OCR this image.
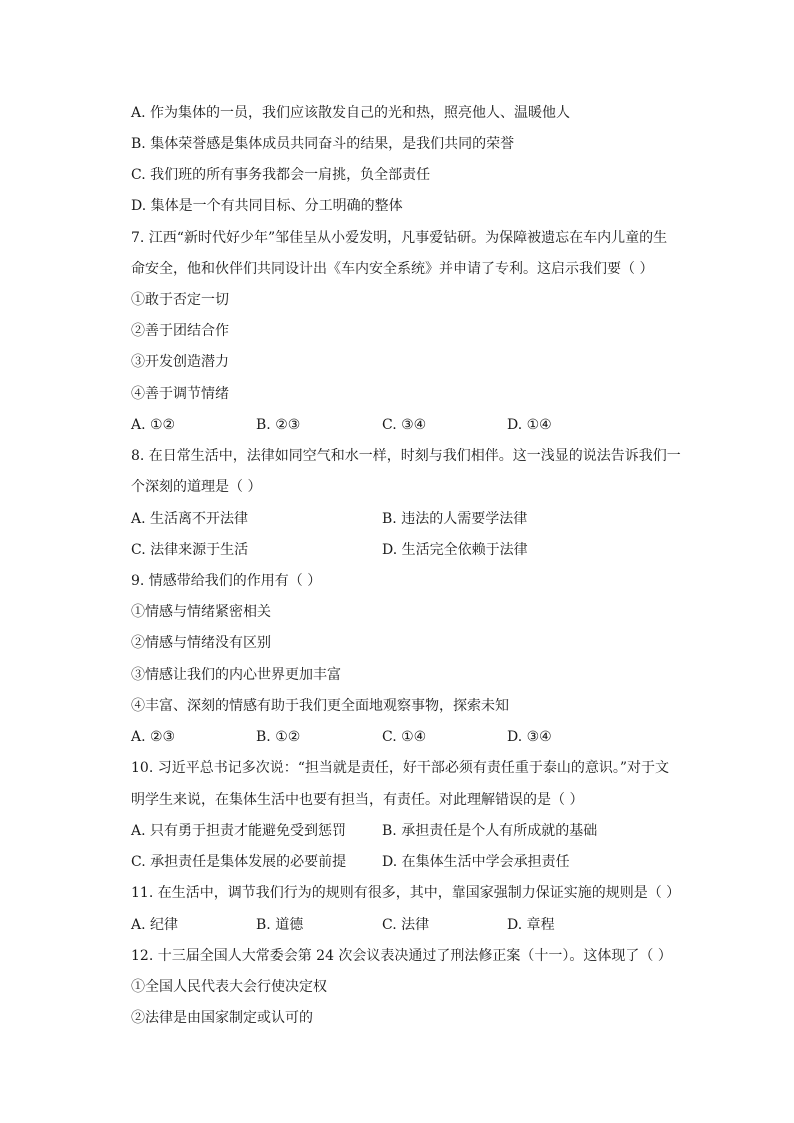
A. 作为集体的一员，我们应该散发自己的光和热，照亮他人、温暖他人
B. 集体荣誉感是集体成员共同奋斗的结果，是我们共同的荣誉
C. 我们班的所有事务我都会一肩挑，负全部责任
D. 集体是一个有共同目标、分工明确的整体
7. 江西“新时代好少年”邹佳呈从小爱发明，凡事爱钻研。为保障被遗忘在车内儿童的生
命安全，他和伙伴们共同设计出《车内安全系统》并申请了专利。这启示我们要（ ）
①敢于否定一切
②善于团结合作
③开发创造潜力
④善于调节情绪
A. ①②	B. ②③	C. ③④	D. ①④
8. 在日常生活中，法律如同空气和水一样，时刻与我们相伴。这一浅显的说法告诉我们一
个深刻的道理是（ ）
A. 生活离不开法律	B. 违法的人需要学法律
C. 法律来源于生活	D. 生活完全依赖于法律
9. 情感带给我们的作用有（ ）
①情感与情绪紧密相关
②情感与情绪没有区别
③情感让我们的内心世界更加丰富
④丰富、深刻的情感有助于我们更全面地观察事物，探索未知
A. ②③	B. ①②	C. ①④	D. ③④
10. 习近平总书记多次说：“担当就是责任，好干部必须有责任重于泰山的意识。”对于文
明学生来说，在集体生活中也要有担当，有责任。对此理解错误的是（ ）
A. 只有勇于担责才能避免受到惩罚	B. 承担责任是个人有所成就的基础
C. 承担责任是集体发展的必要前提	D. 在集体生活中学会承担责任
11. 在生活中，调节我们行为的规则有很多，其中，靠国家强制力保证实施的规则是（ ）
A. 纪律	B. 道德	C. 法律	D. 章程
12. 十三届全国人大常委会第 24 次会议表决通过了刑法修正案（十一）。这体现了（ ）
①全国人民代表大会行使决定权
②法律是由国家制定或认可的
